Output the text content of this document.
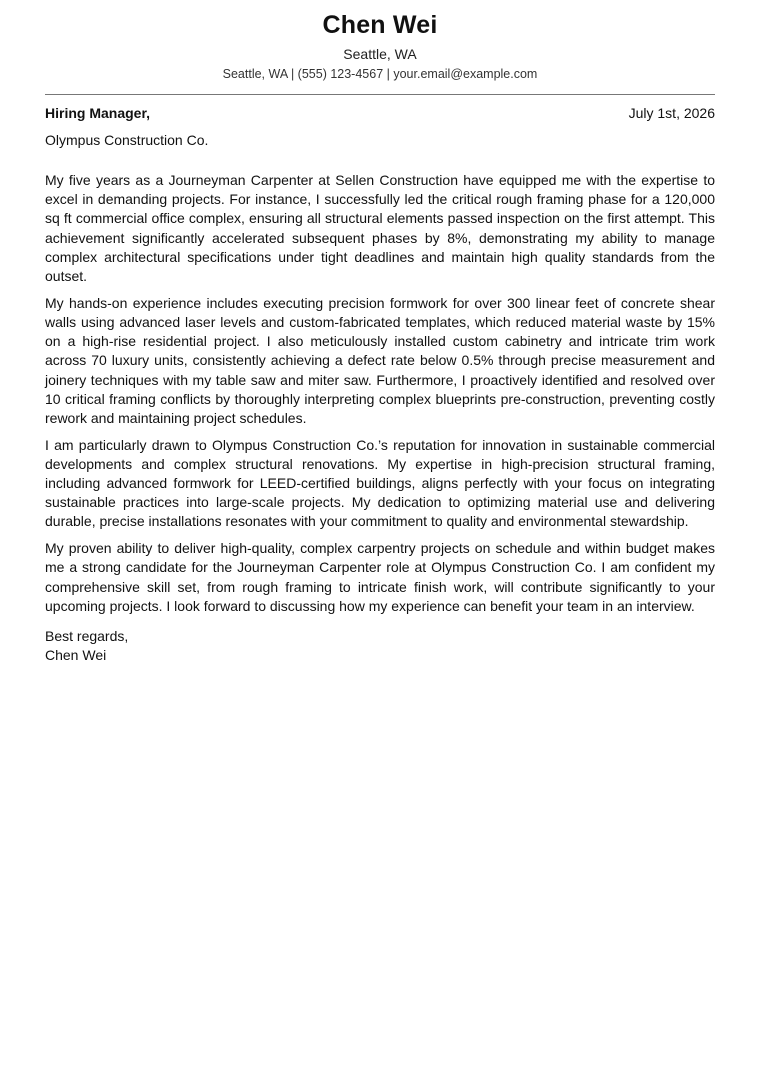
Chen Wei
Seattle, WA
Seattle, WA | (555) 123-4567 | your.email@example.com
Hiring Manager,	July 1st, 2026
Olympus Construction Co.

My five years as a Journeyman Carpenter at Sellen Construction have equipped me with the expertise to excel in demanding projects. For instance, I successfully led the critical rough framing phase for a 120,000 sq ft commercial office complex, ensuring all structural elements passed inspection on the first attempt. This achievement significantly accelerated subsequent phases by 8%, demonstrating my ability to manage complex architectural specifications under tight deadlines and maintain high quality standards from the outset.

My hands-on experience includes executing precision formwork for over 300 linear feet of concrete shear walls using advanced laser levels and custom-fabricated templates, which reduced material waste by 15% on a high-rise residential project. I also meticulously installed custom cabinetry and intricate trim work across 70 luxury units, consistently achieving a defect rate below 0.5% through precise measurement and joinery techniques with my table saw and miter saw. Furthermore, I proactively identified and resolved over 10 critical framing conflicts by thoroughly interpreting complex blueprints pre-construction, preventing costly rework and maintaining project schedules.

I am particularly drawn to Olympus Construction Co.’s reputation for innovation in sustainable commercial developments and complex structural renovations. My expertise in high-precision structural framing, including advanced formwork for LEED-certified buildings, aligns perfectly with your focus on integrating sustainable practices into large-scale projects. My dedication to optimizing material use and delivering durable, precise installations resonates with your commitment to quality and environmental stewardship.

My proven ability to deliver high-quality, complex carpentry projects on schedule and within budget makes me a strong candidate for the Journeyman Carpenter role at Olympus Construction Co. I am confident my comprehensive skill set, from rough framing to intricate finish work, will contribute significantly to your upcoming projects. I look forward to discussing how my experience can benefit your team in an interview.

Best regards,
Chen Wei
